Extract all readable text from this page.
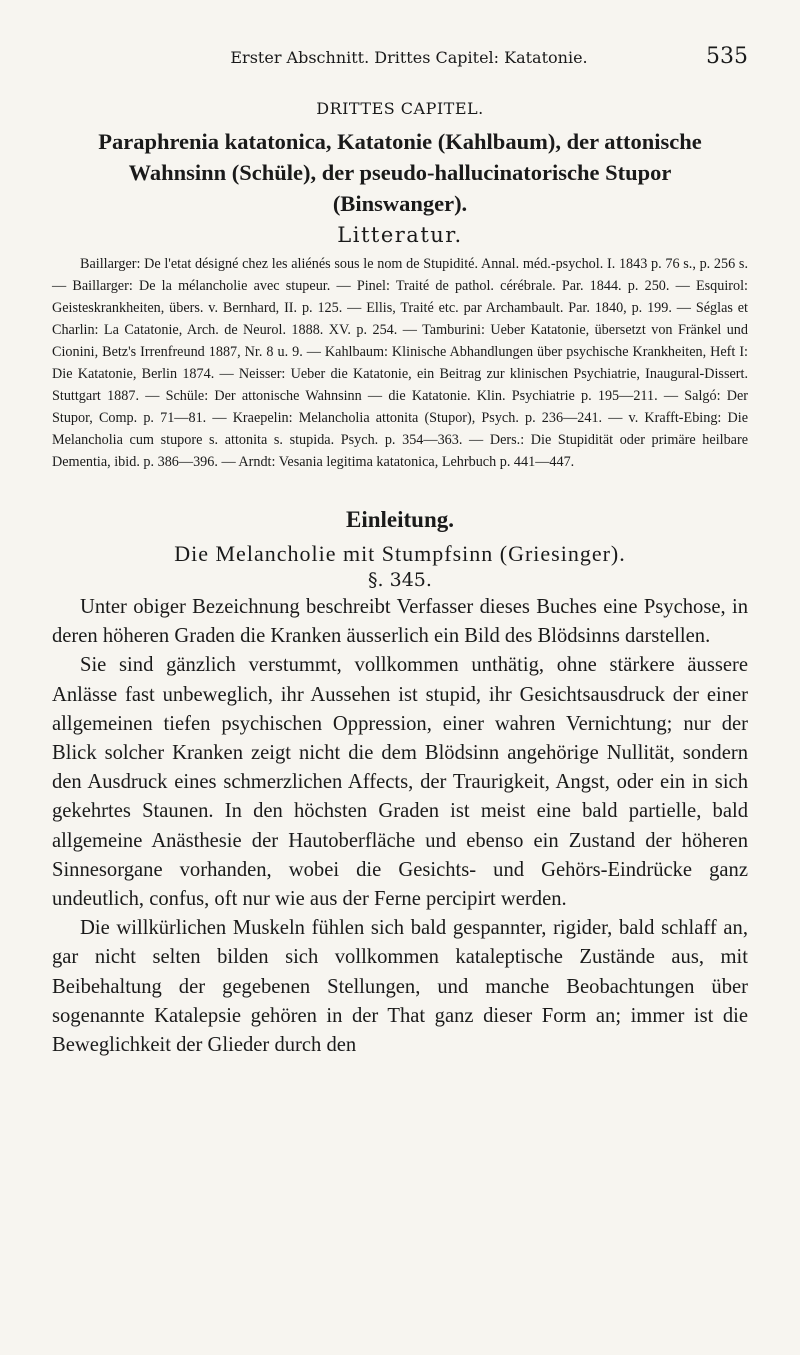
Erster Abschnitt. Drittes Capitel: Katatonie.	535
DRITTES CAPITEL.
Paraphrenia katatonica, Katatonie (Kahlbaum), der attonische
Wahnsinn (Schüle), der pseudo-hallucinatorische Stupor
(Binswanger).
Litteratur.

Baillarger: De l'etat désigné chez les aliénés sous le nom de Stupidité. Annal. méd.-psychol. I. 1843 p. 76 s., p. 256 s. — Baillarger: De la mélancholie avec stupeur. — Pinel: Traité de pathol. cérébrale. Par. 1844. p. 250. — Esquirol: Geisteskrankheiten, übers. v. Bernhard, II. p. 125. — Ellis, Traité etc. par Archambault. Par. 1840, p. 199. — Séglas et Charlin: La Catatonie, Arch. de Neurol. 1888. XV. p. 254. — Tamburini: Ueber Katatonie, übersetzt von Fränkel und Cionini, Betz's Irrenfreund 1887, Nr. 8 u. 9. — Kahlbaum: Klinische Abhandlungen über psychische Krankheiten, Heft I: Die Katatonie, Berlin 1874. — Neisser: Ueber die Katatonie, ein Beitrag zur klinischen Psychiatrie, Inaugural-Dissert. Stuttgart 1887. — Schüle: Der attonische Wahnsinn — die Katatonie. Klin. Psychiatrie p. 195—211. — Salgó: Der Stupor, Comp. p. 71—81. — Kraepelin: Melancholia attonita (Stupor), Psych. p. 236—241. — v. Krafft-Ebing: Die Melancholia cum stupore s. attonita s. stupida. Psych. p. 354—363. — Ders.: Die Stupidität oder primäre heilbare Dementia, ibid. p. 386—396. — Arndt: Vesania legitima katatonica, Lehrbuch p. 441—447.

Einleitung.
Die Melancholie mit Stumpfsinn (Griesinger).
§. 345.

Unter obiger Bezeichnung beschreibt Verfasser dieses Buches eine Psychose, in deren höheren Graden die Kranken äusserlich ein Bild des Blödsinns darstellen.

Sie sind gänzlich verstummt, vollkommen unthätig, ohne stärkere äussere Anlässe fast unbeweglich, ihr Aussehen ist stupid, ihr Gesichtsausdruck der einer allgemeinen tiefen psychischen Oppression, einer wahren Vernichtung; nur der Blick solcher Kranken zeigt nicht die dem Blödsinn angehörige Nullität, sondern den Ausdruck eines schmerzlichen Affects, der Traurigkeit, Angst, oder ein in sich gekehrtes Staunen. In den höchsten Graden ist meist eine bald partielle, bald allgemeine Anästhesie der Hautoberfläche und ebenso ein Zustand der höheren Sinnesorgane vorhanden, wobei die Gesichts- und Gehörs-Eindrücke ganz undeutlich, confus, oft nur wie aus der Ferne percipirt werden.

Die willkürlichen Muskeln fühlen sich bald gespannter, rigider, bald schlaff an, gar nicht selten bilden sich vollkommen kataleptische Zustände aus, mit Beibehaltung der gegebenen Stellungen, und manche Beobachtungen über sogenannte Katalepsie gehören in der That ganz dieser Form an; immer ist die Beweglichkeit der Glieder durch den
